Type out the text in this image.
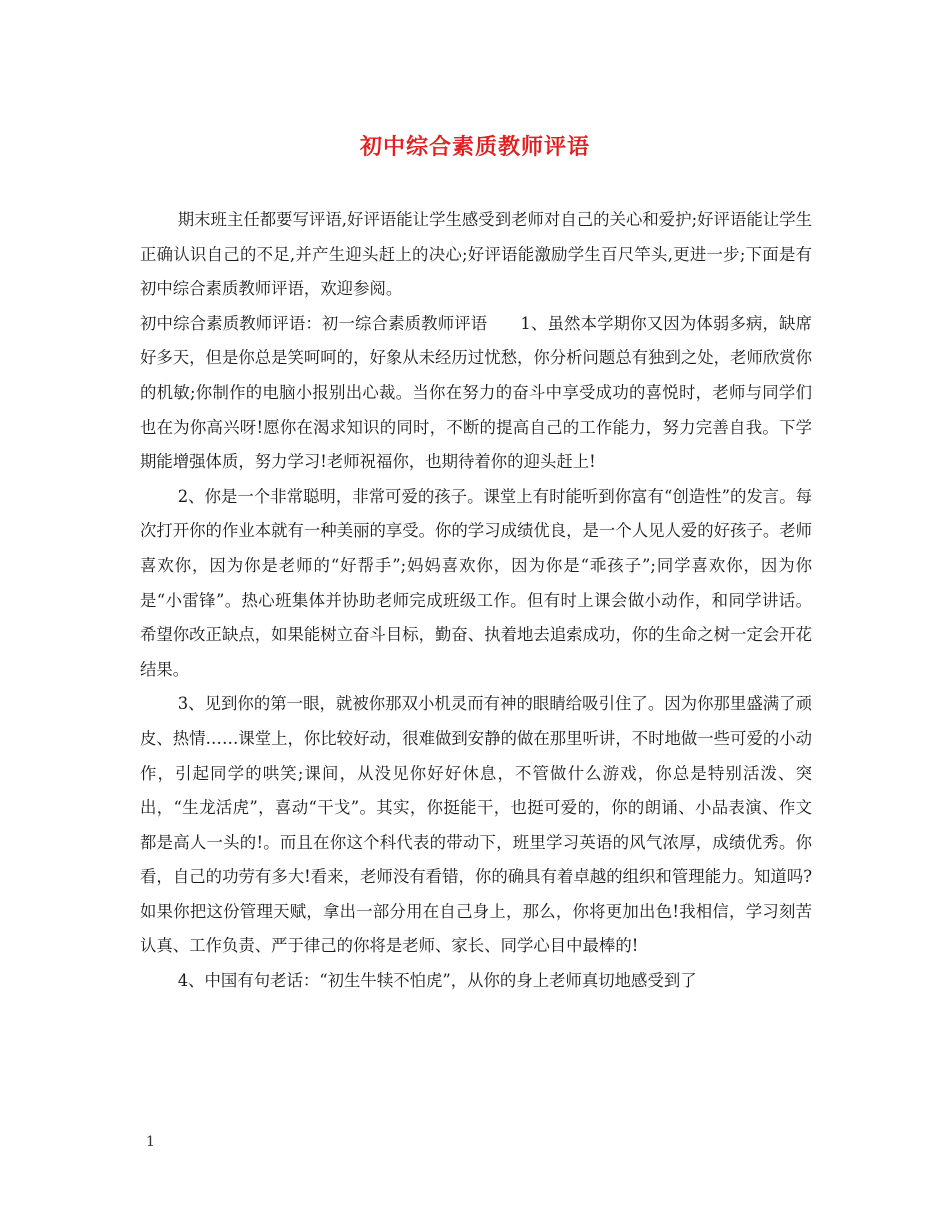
初中综合素质教师评语

期末班主任都要写评语,好评语能让学生感受到老师对自己的关心和爱护;好评语能让学生正确认识自己的不足,并产生迎头赶上的决心;好评语能激励学生百尺竿头,更进一步;下面是有初中综合素质教师评语，欢迎参阅。

初中综合素质教师评语：初一综合素质教师评语　　1、虽然本学期你又因为体弱多病，缺席好多天，但是你总是笑呵呵的，好象从未经历过忧愁，你分析问题总有独到之处，老师欣赏你的机敏;你制作的电脑小报别出心裁。当你在努力的奋斗中享受成功的喜悦时，老师与同学们也在为你高兴呀!愿你在渴求知识的同时，不断的提高自己的工作能力，努力完善自我。下学期能增强体质，努力学习!老师祝福你，也期待着你的迎头赶上!

2、你是一个非常聪明，非常可爱的孩子。课堂上有时能听到你富有“创造性”的发言。每次打开你的作业本就有一种美丽的享受。你的学习成绩优良，是一个人见人爱的好孩子。老师喜欢你，因为你是老师的“好帮手”;妈妈喜欢你，因为你是“乖孩子”;同学喜欢你，因为你是“小雷锋”。热心班集体并协助老师完成班级工作。但有时上课会做小动作，和同学讲话。希望你改正缺点，如果能树立奋斗目标，勤奋、执着地去追索成功，你的生命之树一定会开花结果。

3、见到你的第一眼，就被你那双小机灵而有神的眼睛给吸引住了。因为你那里盛满了顽皮、热情……课堂上，你比较好动，很难做到安静的做在那里听讲，不时地做一些可爱的小动作，引起同学的哄笑;课间，从没见你好好休息，不管做什么游戏，你总是特别活泼、突出，“生龙活虎”，喜动“干戈”。其实，你挺能干，也挺可爱的，你的朗诵、小品表演、作文都是高人一头的!。而且在你这个科代表的带动下，班里学习英语的风气浓厚，成绩优秀。你看，自己的功劳有多大!看来，老师没有看错，你的确具有着卓越的组织和管理能力。知道吗?如果你把这份管理天赋，拿出一部分用在自己身上，那么，你将更加出色!我相信，学习刻苦认真、工作负责、严于律己的你将是老师、家长、同学心目中最棒的!

4、中国有句老话：“初生牛犊不怕虎”，从你的身上老师真切地感受到了

1
